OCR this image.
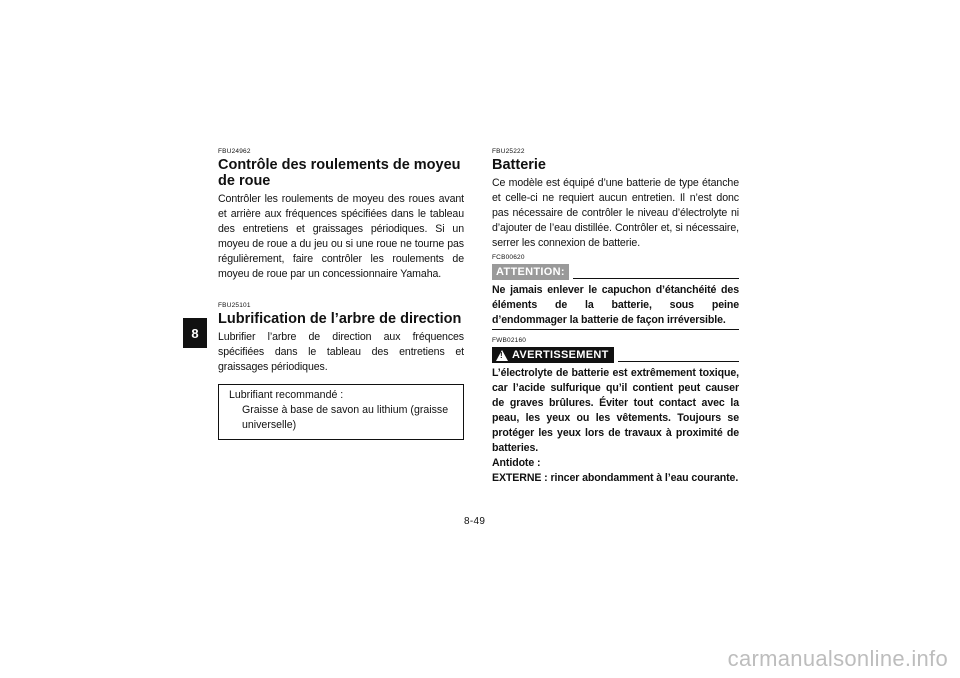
8

FBU24962

Contrôle des roulements de moyeu de roue

Contrôler les roulements de moyeu des roues avant et arrière aux fréquences spécifiées dans le tableau des entretiens et graissages périodiques. Si un moyeu de roue a du jeu ou si une roue ne tourne pas régulièrement, faire contrôler les roulements de moyeu de roue par un concessionnaire Yamaha.

FBU25101

Lubrification de l’arbre de direction

Lubrifier l’arbre de direction aux fréquences spécifiées dans le tableau des entretiens et graissages périodiques.

Lubrifiant recommandé :
Graisse à base de savon au lithium (graisse universelle)

FBU25222

Batterie

Ce modèle est équipé d’une batterie de type étanche et celle-ci ne requiert aucun entretien. Il n’est donc pas nécessaire de contrôler le niveau d’électrolyte ni d’ajouter de l’eau distillée. Contrôler et, si nécessaire, serrer les connexion de batterie.

FCB00620

ATTENTION:

Ne jamais enlever le capuchon d’étanchéité des éléments de la batterie, sous peine d’endommager la batterie de façon irréversible.

FWB02160

!
AVERTISSEMENT

L’électrolyte de batterie est extrêmement toxique, car l’acide sulfurique qu’il contient peut causer de graves brûlures. Éviter tout contact avec la peau, les yeux ou les vêtements. Toujours se protéger les yeux lors de travaux à proximité de batteries.

Antidote :

EXTERNE : rincer abondamment à l’eau courante.

8-49
carmanualsonline.info
